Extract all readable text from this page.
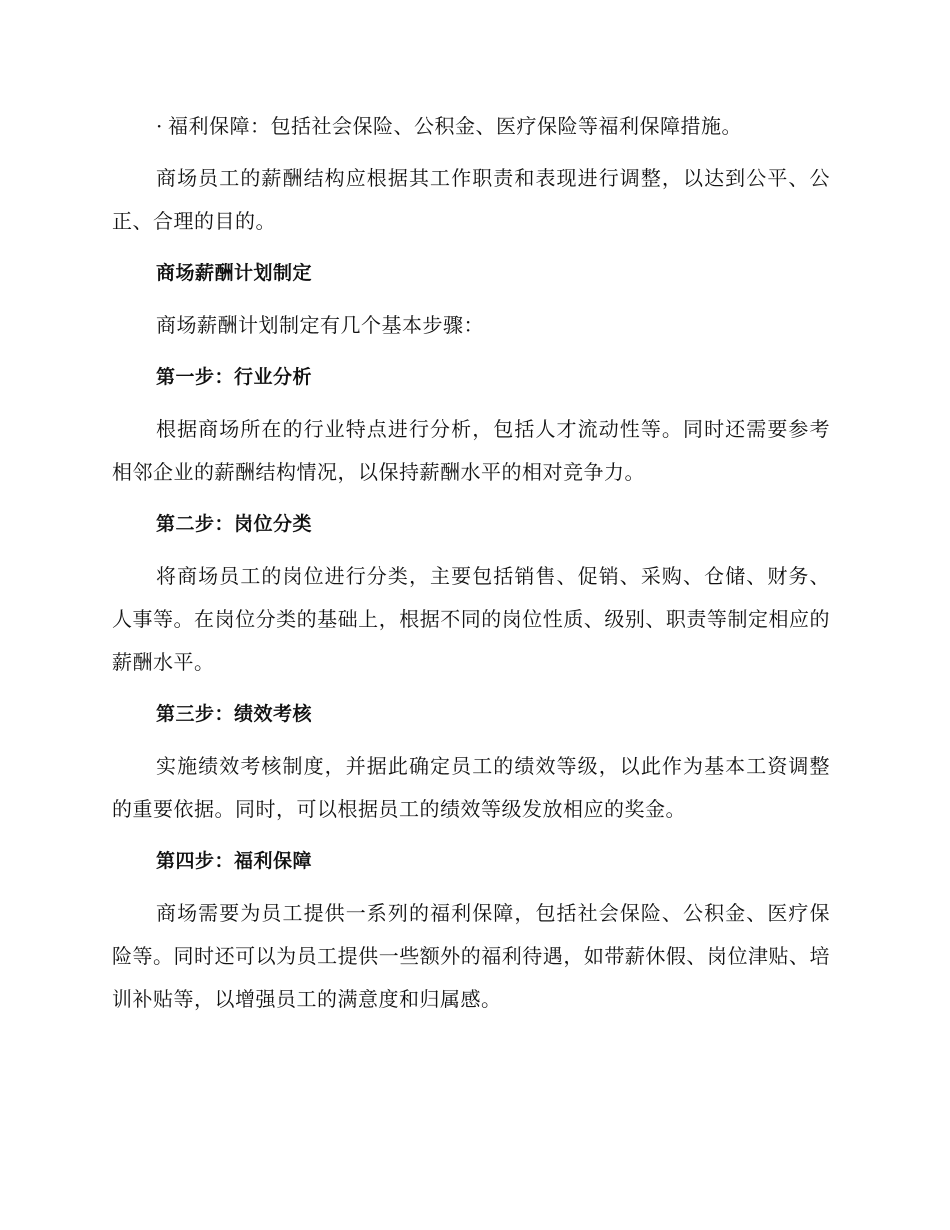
· 福利保障：包括社会保险、公积金、医疗保险等福利保障措施。

商场员工的薪酬结构应根据其工作职责和表现进行调整，以达到公平、公正、合理的目的。

商场薪酬计划制定

商场薪酬计划制定有几个基本步骤：

第一步：行业分析

根据商场所在的行业特点进行分析，包括人才流动性等。同时还需要参考相邻企业的薪酬结构情况，以保持薪酬水平的相对竞争力。

第二步：岗位分类

将商场员工的岗位进行分类，主要包括销售、促销、采购、仓储、财务、人事等。在岗位分类的基础上，根据不同的岗位性质、级别、职责等制定相应的薪酬水平。

第三步：绩效考核

实施绩效考核制度，并据此确定员工的绩效等级，以此作为基本工资调整的重要依据。同时，可以根据员工的绩效等级发放相应的奖金。

第四步：福利保障

商场需要为员工提供一系列的福利保障，包括社会保险、公积金、医疗保险等。同时还可以为员工提供一些额外的福利待遇，如带薪休假、岗位津贴、培训补贴等，以增强员工的满意度和归属感。
